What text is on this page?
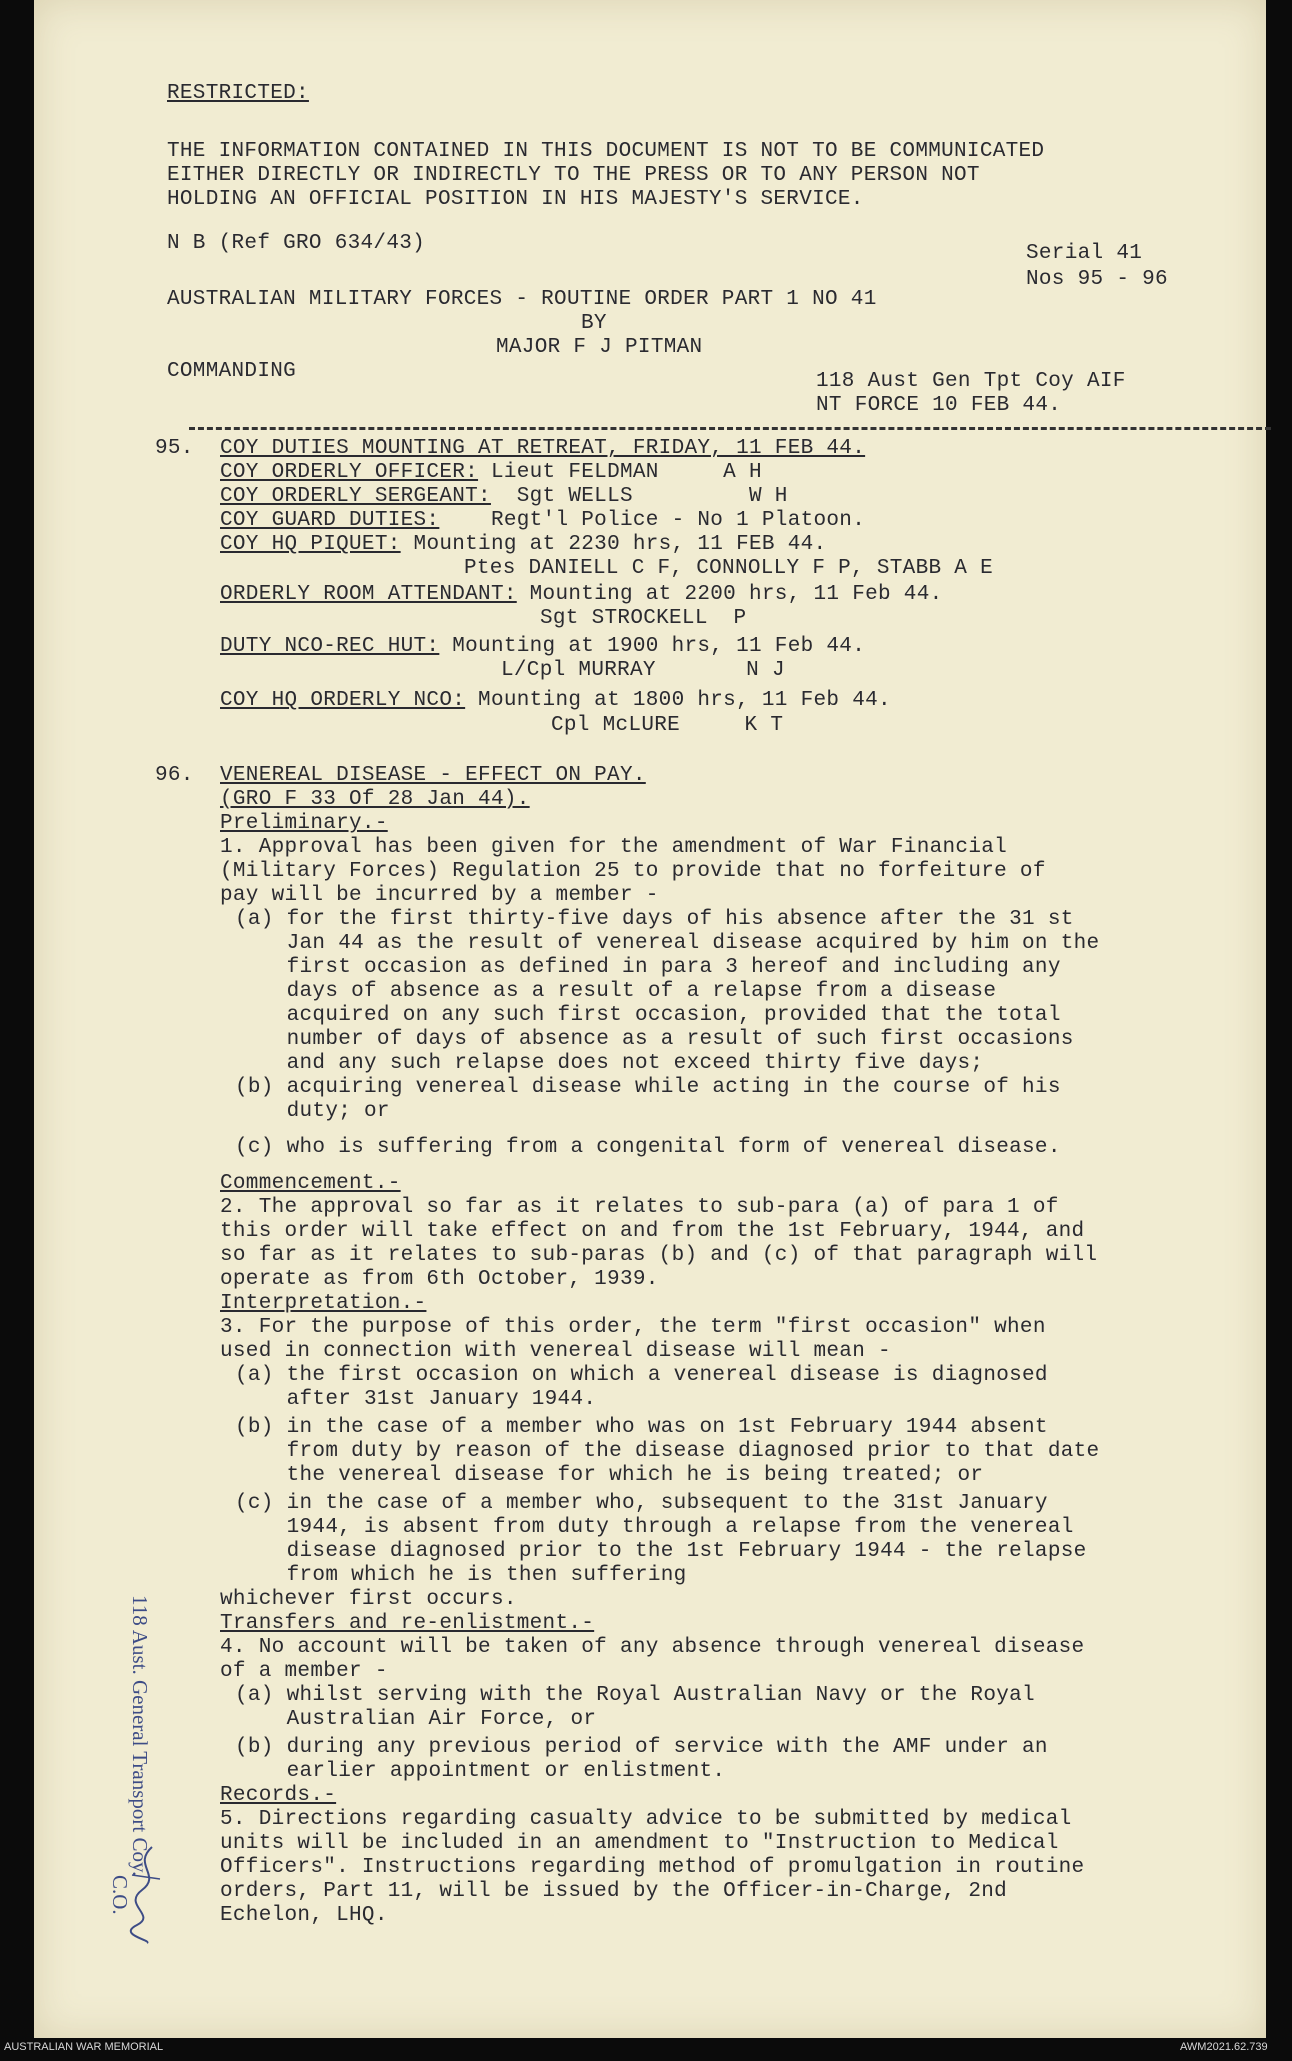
RESTRICTED:
THE INFORMATION CONTAINED IN THIS DOCUMENT IS NOT TO BE COMMUNICATED
EITHER DIRECTLY OR INDIRECTLY TO THE PRESS OR TO ANY PERSON NOT
HOLDING AN OFFICIAL POSITION IN HIS MAJESTY'S SERVICE.
N B (Ref GRO 634/43)	Serial 41
Nos 95 - 96
AUSTRALIAN MILITARY FORCES - ROUTINE ORDER PART 1 NO 41
BY
MAJOR F J PITMAN
COMMANDING	118 Aust Gen Tpt Coy AIF
NT FORCE 10 FEB 44.
95. COY DUTIES MOUNTING AT RETREAT, FRIDAY, 11 FEB 44.
COY ORDERLY OFFICER: Lieut FELDMAN     A H
COY ORDERLY SERGEANT:  Sgt WELLS         W H
COY GUARD DUTIES:    Regt'l Police - No 1 Platoon.
COY HQ PIQUET: Mounting at 2230 hrs, 11 FEB 44.
Ptes DANIELL C F, CONNOLLY F P, STABB A E
ORDERLY ROOM ATTENDANT: Mounting at 2200 hrs, 11 Feb 44.
Sgt STROCKELL  P
DUTY NCO-REC HUT: Mounting at 1900 hrs, 11 Feb 44.
L/Cpl MURRAY       N J
COY HQ ORDERLY NCO: Mounting at 1800 hrs, 11 Feb 44.
Cpl McLURE     K T
96. VENEREAL DISEASE - EFFECT ON PAY.
(GRO F 33 Of 28 Jan 44).
Preliminary.-
1. Approval has been given for the amendment of War Financial
(Military Forces) Regulation 25 to provide that no forfeiture of
pay will be incurred by a member -
(a) for the first thirty-five days of his absence after the 31 st
Jan 44 as the result of venereal disease acquired by him on the
first occasion as defined in para 3 hereof and including any
days of absence as a result of a relapse from a disease
acquired on any such first occasion, provided that the total
number of days of absence as a result of such first occasions
and any such relapse does not exceed thirty five days;
(b) acquiring venereal disease while acting in the course of his
duty; or
(c) who is suffering from a congenital form of venereal disease.
Commencement.-
2. The approval so far as it relates to sub-para (a) of para 1 of
this order will take effect on and from the 1st February, 1944, and
so far as it relates to sub-paras (b) and (c) of that paragraph will
operate as from 6th October, 1939.
Interpretation.-
3. For the purpose of this order, the term "first occasion" when
used in connection with venereal disease will mean -
(a) the first occasion on which a venereal disease is diagnosed
after 31st January 1944.
(b) in the case of a member who was on 1st February 1944 absent
from duty by reason of the disease diagnosed prior to that date
the venereal disease for which he is being treated; or
(c) in the case of a member who, subsequent to the 31st January
1944, is absent from duty through a relapse from the venereal
disease diagnosed prior to the 1st February 1944 - the relapse
from which he is then suffering
whichever first occurs.
Transfers and re-enlistment.-
4. No account will be taken of any absence through venereal disease
of a member -
(a) whilst serving with the Royal Australian Navy or the Royal
Australian Air Force, or
(b) during any previous period of service with the AMF under an
earlier appointment or enlistment.
Records.-
5. Directions regarding casualty advice to be submitted by medical
units will be included in an amendment to "Instruction to Medical
Officers". Instructions regarding method of promulgation in routine
orders, Part 11, will be issued by the Officer-in-Charge, 2nd
Echelon, LHQ.
118 Aust. General Transport Coy.
C.O.
AUSTRALIAN WAR MEMORIAL	AWM2021.62.739
